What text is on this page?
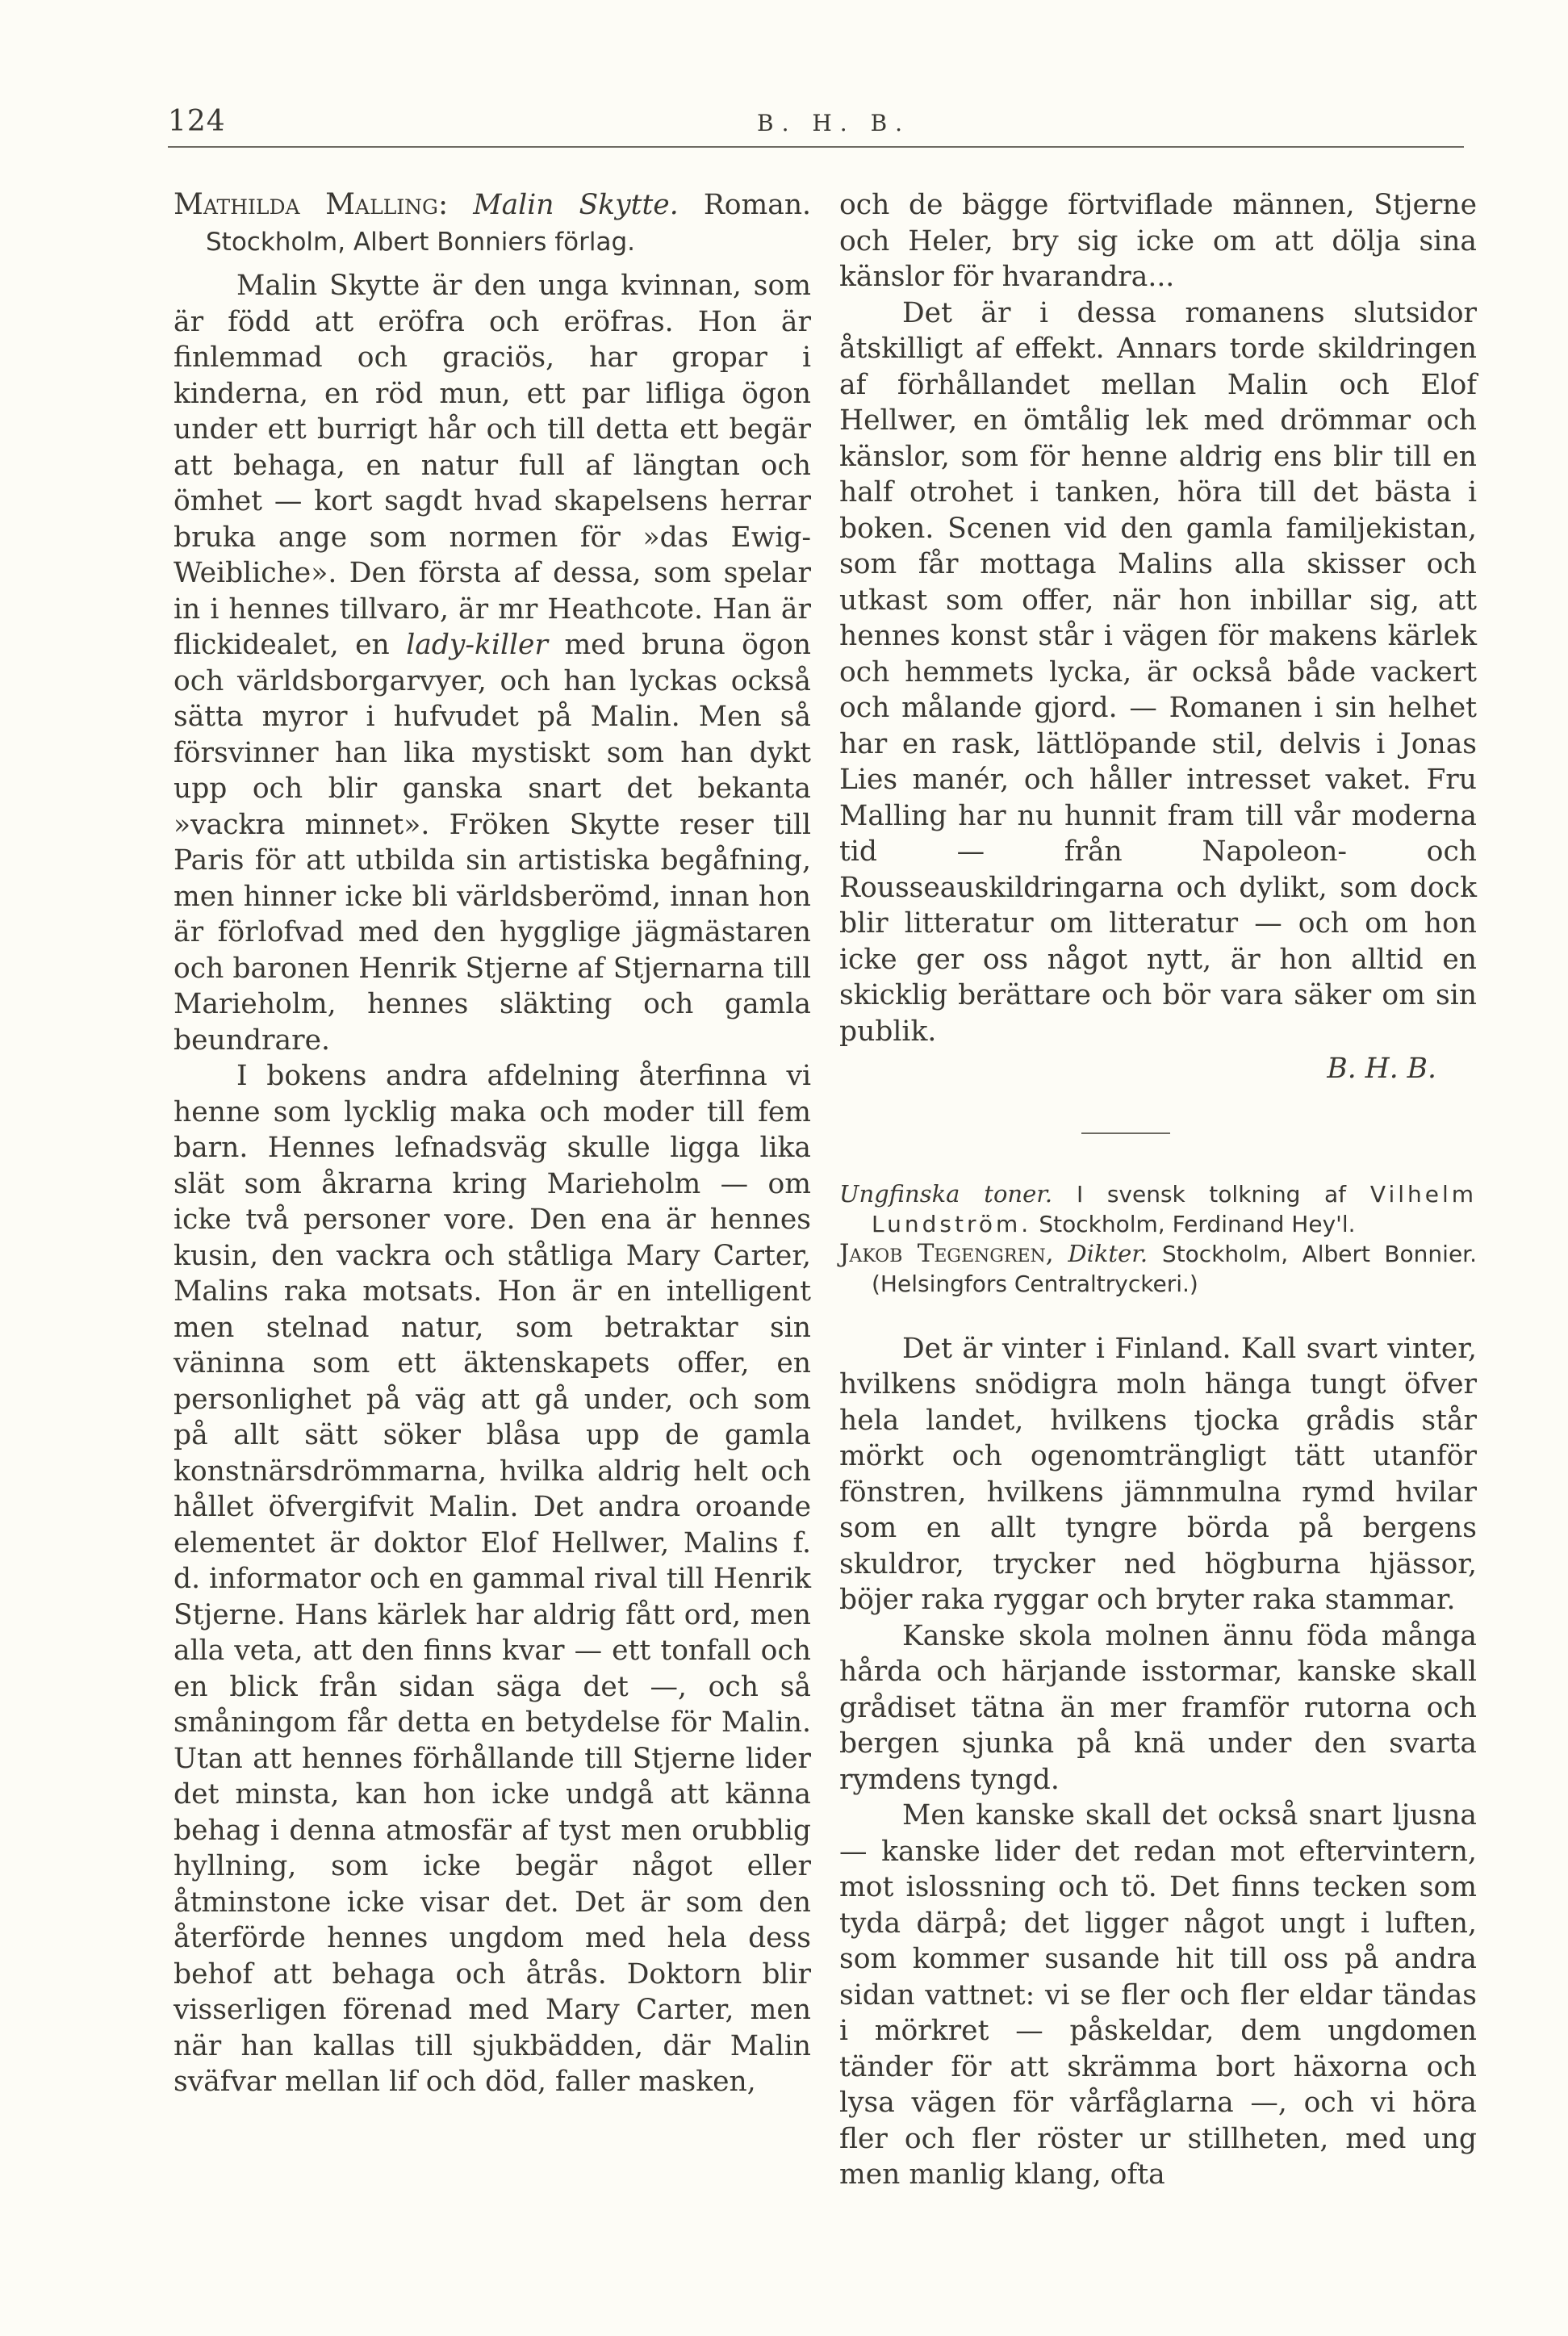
124	B. H. B.

Mathilda Malling: Malin Skytte. Roman. Stockholm, Albert Bonniers förlag.

Malin Skytte är den unga kvinnan, som är född att eröfra och eröfras. Hon är finlemmad och graciös, har gropar i kinderna, en röd mun, ett par lifliga ögon under ett burrigt hår och till detta ett begär att behaga, en natur full af längtan och ömhet — kort sagdt hvad skapelsens herrar bruka ange som normen för »das Ewig-Weibliche». Den första af dessa, som spelar in i hennes tillvaro, är mr Heathcote. Han är flickidealet, en lady-killer med bruna ögon och världsborgarvyer, och han lyckas också sätta myror i hufvudet på Malin. Men så försvinner han lika mystiskt som han dykt upp och blir ganska snart det bekanta »vackra minnet». Fröken Skytte reser till Paris för att utbilda sin artistiska begåfning, men hinner icke bli världsberömd, innan hon är förlofvad med den hygglige jägmästaren och baronen Henrik Stjerne af Stjernarna till Marieholm, hennes släkting och gamla beundrare.

I bokens andra afdelning återfinna vi henne som lycklig maka och moder till fem barn. Hennes lefnadsväg skulle ligga lika slät som åkrarna kring Marieholm — om icke två personer vore. Den ena är hennes kusin, den vackra och ståtliga Mary Carter, Malins raka motsats. Hon är en intelligent men stelnad natur, som betraktar sin väninna som ett äktenskapets offer, en personlighet på väg att gå under, och som på allt sätt söker blåsa upp de gamla konstnärsdrömmarna, hvilka aldrig helt och hållet öfvergifvit Malin. Det andra oroande elementet är doktor Elof Hellwer, Malins f. d. informator och en gammal rival till Henrik Stjerne. Hans kärlek har aldrig fått ord, men alla veta, att den finns kvar — ett tonfall och en blick från sidan säga det —, och så småningom får detta en betydelse för Malin. Utan att hennes förhållande till Stjerne lider det minsta, kan hon icke undgå att känna behag i denna atmosfär af tyst men orubblig hyllning, som icke begär något eller åtminstone icke visar det. Det är som den återförde hennes ungdom med hela dess behof att behaga och åtrås. Doktorn blir visserligen förenad med Mary Carter, men när han kallas till sjukbädden, där Malin sväfvar mellan lif och död, faller masken,

och de bägge förtviflade männen, Stjerne och Heler, bry sig icke om att dölja sina känslor för hvarandra...

Det är i dessa romanens slutsidor åtskilligt af effekt. Annars torde skildringen af förhållandet mellan Malin och Elof Hellwer, en ömtålig lek med drömmar och känslor, som för henne aldrig ens blir till en half otrohet i tanken, höra till det bästa i boken. Scenen vid den gamla familjekistan, som får mottaga Malins alla skisser och utkast som offer, när hon inbillar sig, att hennes konst står i vägen för makens kärlek och hemmets lycka, är också både vackert och målande gjord. — Romanen i sin helhet har en rask, lättlöpande stil, delvis i Jonas Lies manér, och håller intresset vaket. Fru Malling har nu hunnit fram till vår moderna tid — från Napoleon- och Rousseauskildringarna och dylikt, som dock blir litteratur om litteratur — och om hon icke ger oss något nytt, är hon alltid en skicklig berättare och bör vara säker om sin publik.

B. H. B.

Ungfinska toner. I svensk tolkning af Vilhelm Lundström. Stockholm, Ferdinand Hey'l.

Jakob Tegengren, Dikter. Stockholm, Albert Bonnier. (Helsingfors Centraltryckeri.)

Det är vinter i Finland. Kall svart vinter, hvilkens snödigra moln hänga tungt öfver hela landet, hvilkens tjocka grådis står mörkt och ogenomträngligt tätt utanför fönstren, hvilkens jämnmulna rymd hvilar som en allt tyngre börda på bergens skuldror, trycker ned högburna hjässor, böjer raka ryggar och bryter raka stammar.

Kanske skola molnen ännu föda många hårda och härjande isstormar, kanske skall grådiset tätna än mer framför rutorna och bergen sjunka på knä under den svarta rymdens tyngd.

Men kanske skall det också snart ljusna — kanske lider det redan mot eftervintern, mot islossning och tö. Det finns tecken som tyda därpå; det ligger något ungt i luften, som kommer susande hit till oss på andra sidan vattnet: vi se fler och fler eldar tändas i mörkret — påskeldar, dem ungdomen tänder för att skrämma bort häxorna och lysa vägen för vårfåglarna —, och vi höra fler och fler röster ur stillheten, med ung men manlig klang, ofta
